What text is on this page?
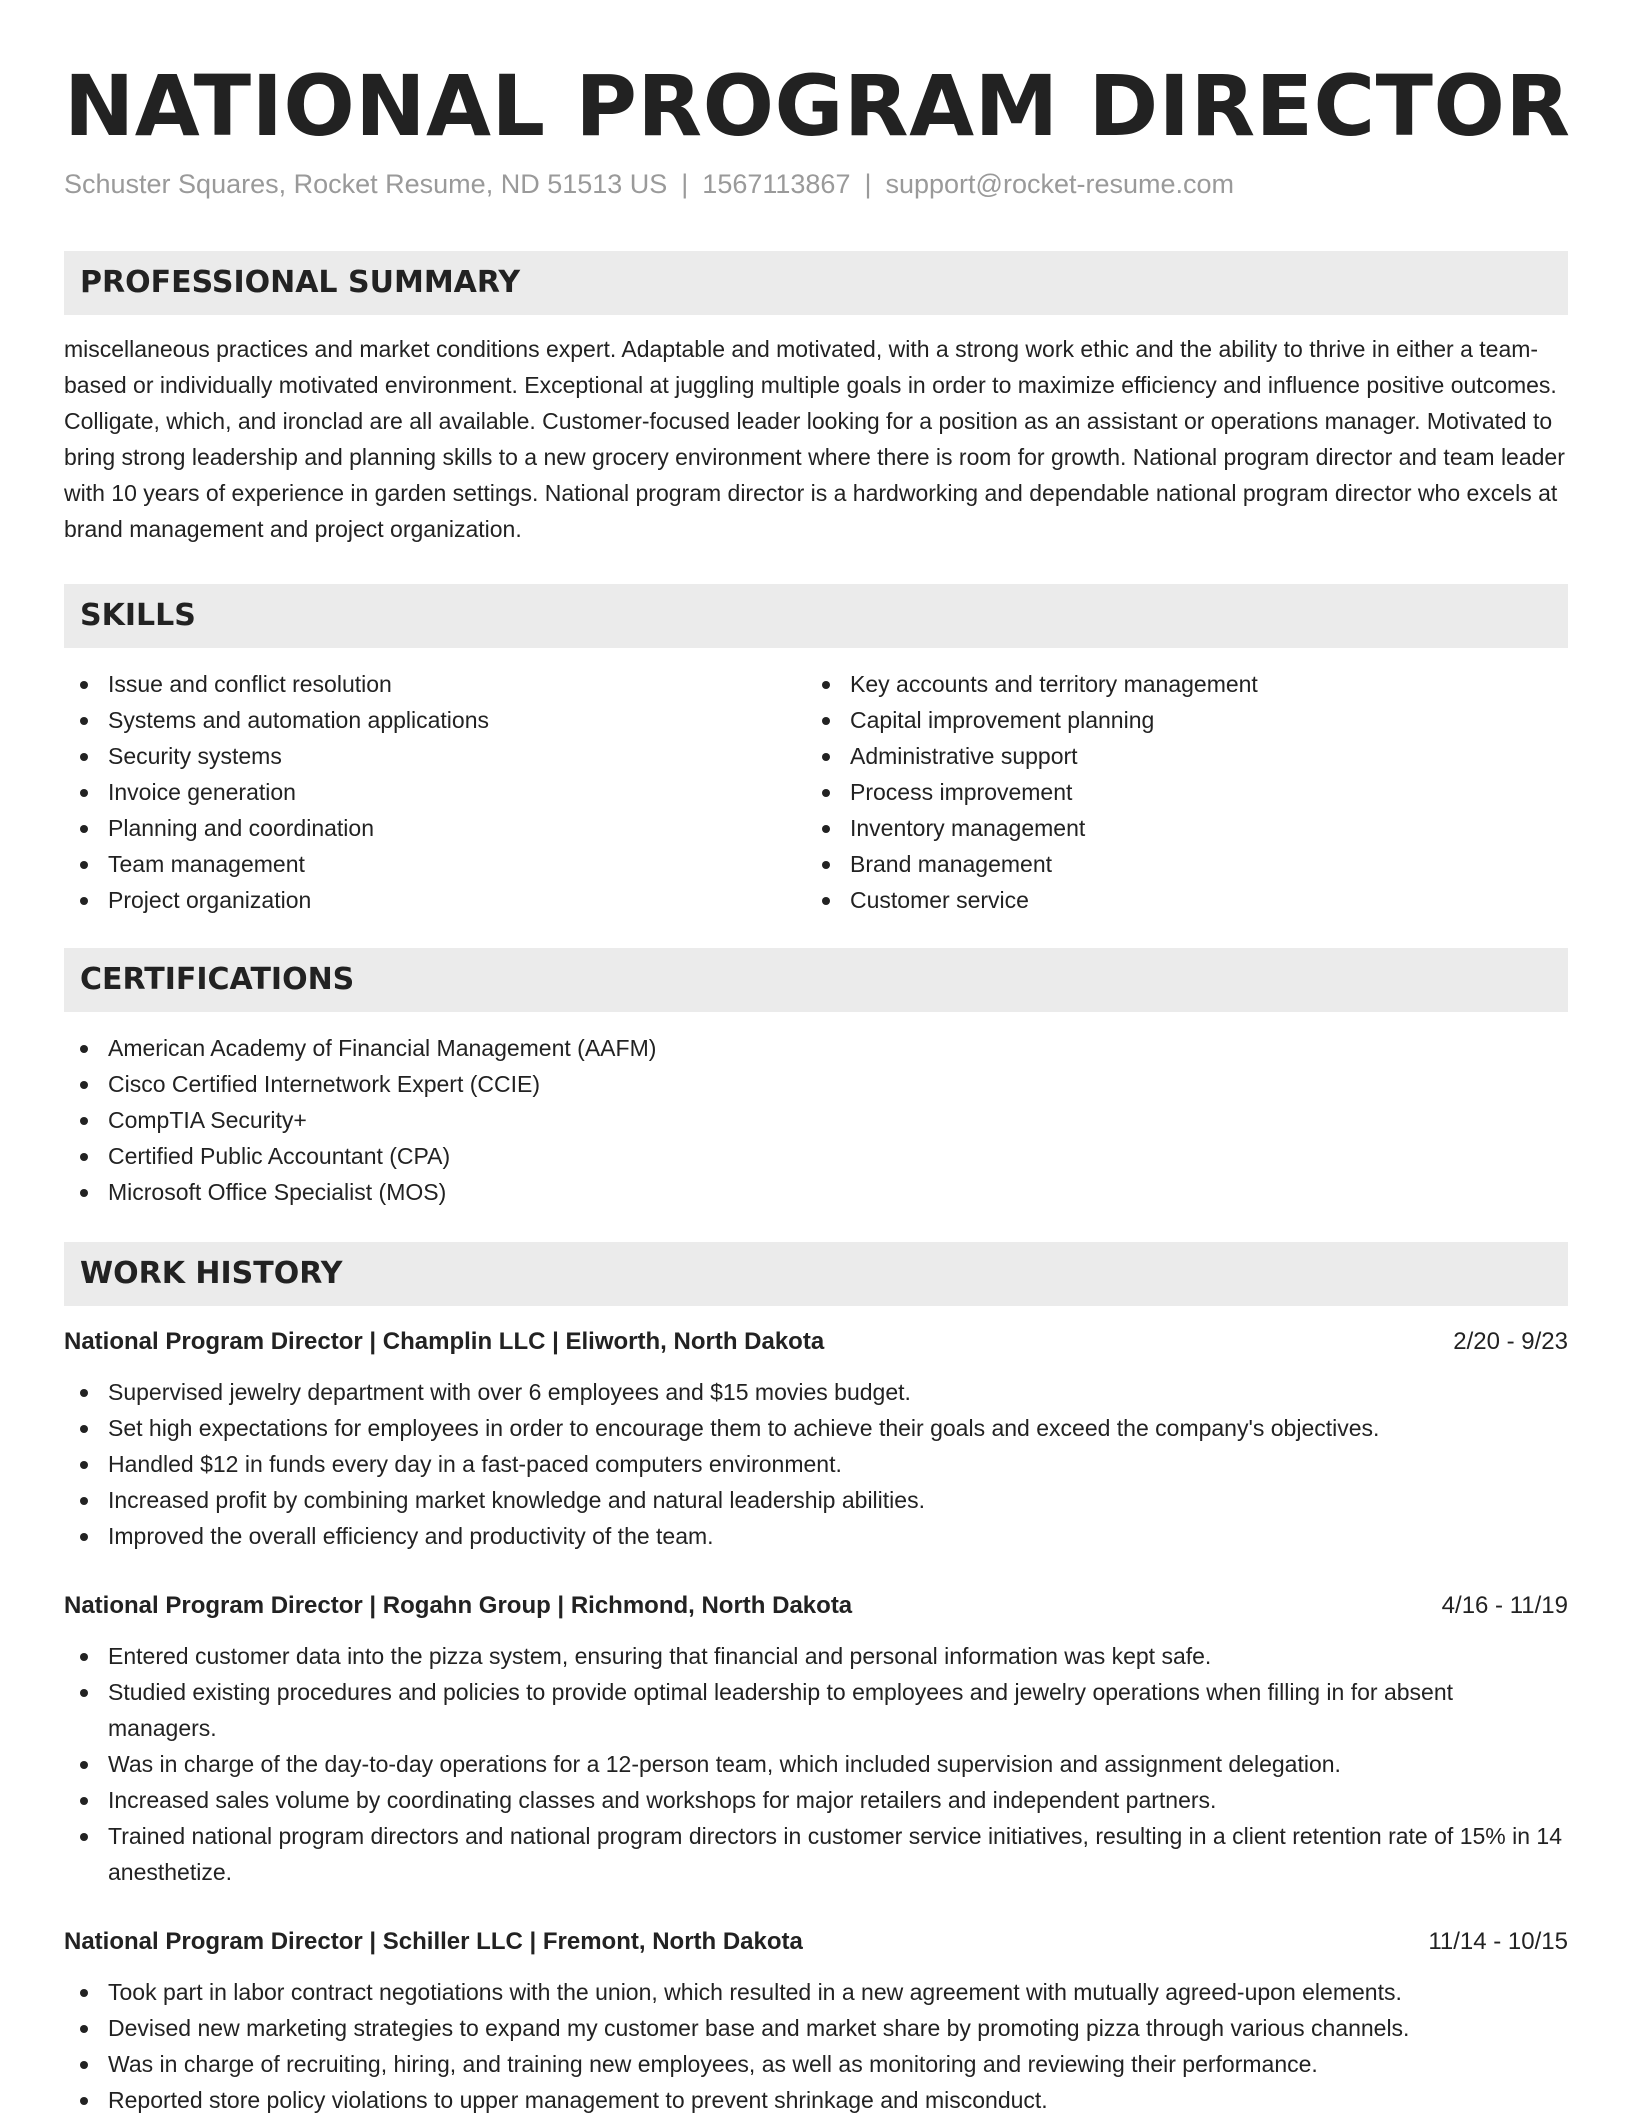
NATIONAL PROGRAM DIRECTOR
Schuster Squares, Rocket Resume, ND 51513 US | 1567113867 | support@rocket-resume.com
PROFESSIONAL SUMMARY

miscellaneous practices and market conditions expert. Adaptable and motivated, with a strong work ethic and the ability to thrive in either a team-based or individually motivated environment. Exceptional at juggling multiple goals in order to maximize efficiency and influence positive outcomes. Colligate, which, and ironclad are all available. Customer-focused leader looking for a position as an assistant or operations manager. Motivated to bring strong leadership and planning skills to a new grocery environment where there is room for growth. National program director and team leader with 10 years of experience in garden settings. National program director is a hardworking and dependable national program director who excels at brand management and project organization.

SKILLS
Issue and conflict resolution
Systems and automation applications
Security systems
Invoice generation
Planning and coordination
Team management
Project organization
Key accounts and territory management
Capital improvement planning
Administrative support
Process improvement
Inventory management
Brand management
Customer service
CERTIFICATIONS
American Academy of Financial Management (AAFM)
Cisco Certified Internetwork Expert (CCIE)
CompTIA Security+
Certified Public Accountant (CPA)
Microsoft Office Specialist (MOS)
WORK HISTORY
National Program Director | Champlin LLC | Eliworth, North Dakota	2/20 - 9/23
Supervised jewelry department with over 6 employees and $15 movies budget.
Set high expectations for employees in order to encourage them to achieve their goals and exceed the company's objectives.
Handled $12 in funds every day in a fast-paced computers environment.
Increased profit by combining market knowledge and natural leadership abilities.
Improved the overall efficiency and productivity of the team.
National Program Director | Rogahn Group | Richmond, North Dakota	4/16 - 11/19
Entered customer data into the pizza system, ensuring that financial and personal information was kept safe.
Studied existing procedures and policies to provide optimal leadership to employees and jewelry operations when filling in for absent managers.
Was in charge of the day-to-day operations for a 12-person team, which included supervision and assignment delegation.
Increased sales volume by coordinating classes and workshops for major retailers and independent partners.
Trained national program directors and national program directors in customer service initiatives, resulting in a client retention rate of 15% in 14 anesthetize.
National Program Director | Schiller LLC | Fremont, North Dakota	11/14 - 10/15
Took part in labor contract negotiations with the union, which resulted in a new agreement with mutually agreed-upon elements.
Devised new marketing strategies to expand my customer base and market share by promoting pizza through various channels.
Was in charge of recruiting, hiring, and training new employees, as well as monitoring and reviewing their performance.
Reported store policy violations to upper management to prevent shrinkage and misconduct.
